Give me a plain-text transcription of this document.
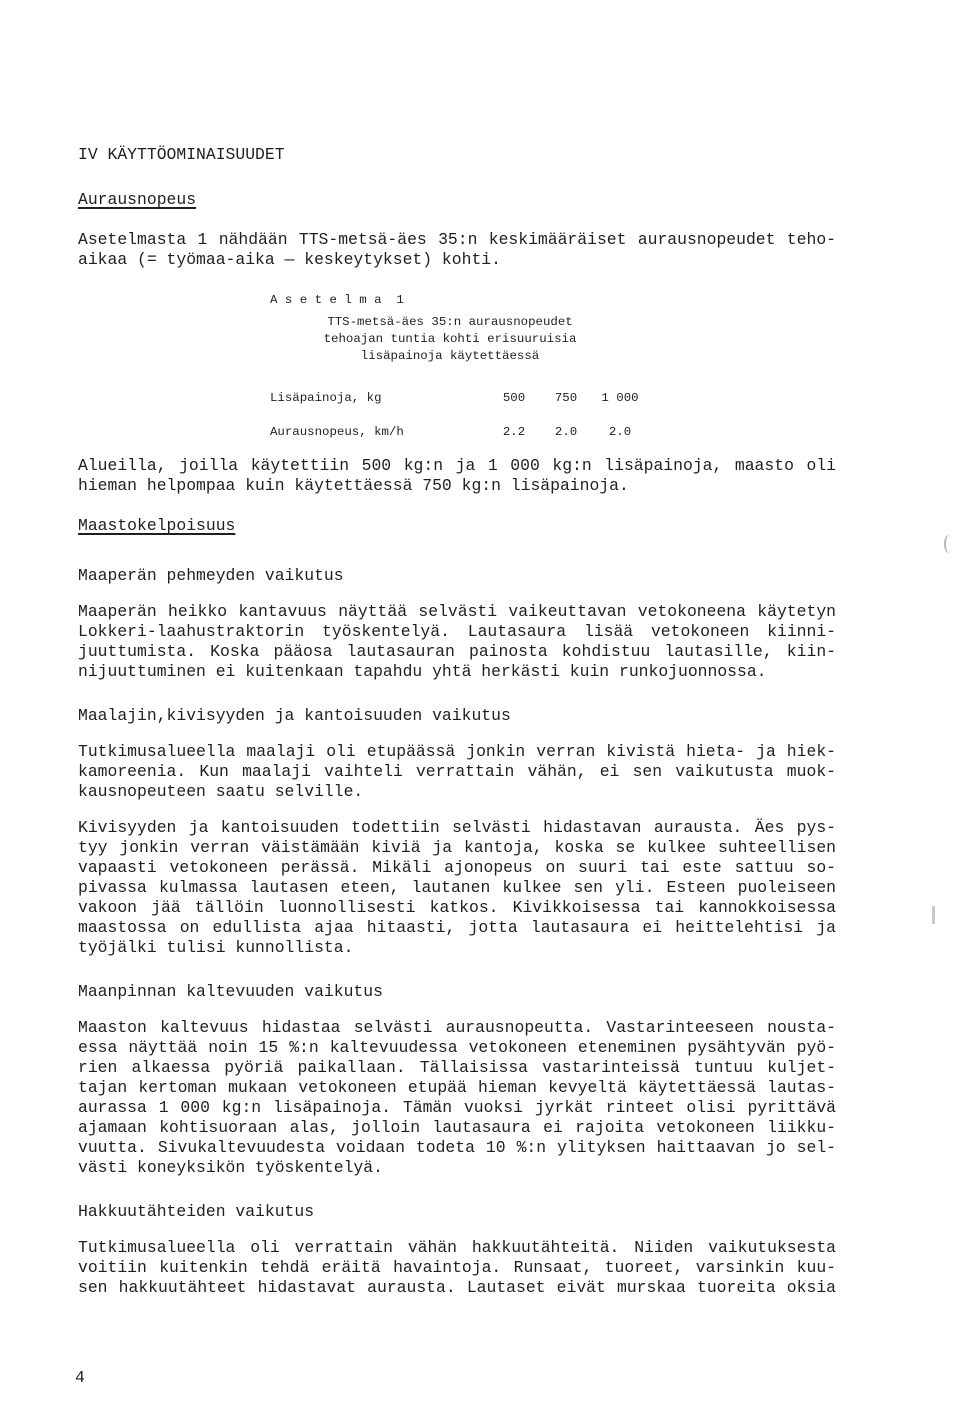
IV KÄYTTÖOMINAISUUDET
Aurausnopeus
Asetelmasta 1 nähdään TTS-metsä-äes 35:n keskimääräiset aurausnopeudet teho-
aikaa (= työmaa-aika — keskeytykset) kohti.
A s e t e l m a  1
TTS-metsä-äes 35:n aurausnopeudet
tehoajan tuntia kohti erisuuruisia
lisäpainoja käytettäessä
Lisäpainoja, kg	500	750	1 000
Aurausnopeus, km/h	2.2	2.0	2.0
Alueilla, joilla käytettiin 500 kg:n ja 1 000 kg:n lisäpainoja, maasto oli
hieman helpompaa kuin käytettäessä 750 kg:n lisäpainoja.
Maastokelpoisuus
Maaperän pehmeyden vaikutus
Maaperän heikko kantavuus näyttää selvästi vaikeuttavan vetokoneena käytetyn
Lokkeri-laahustraktorin työskentelyä. Lautasaura lisää vetokoneen kiinni-
juuttumista. Koska pääosa lautasauran painosta kohdistuu lautasille, kiin-
nijuuttuminen ei kuitenkaan tapahdu yhtä herkästi kuin runkojuonnossa.
Maalajin,kivisyyden ja kantoisuuden vaikutus
Tutkimusalueella maalaji oli etupäässä jonkin verran kivistä hieta- ja hiek-
kamoreenia. Kun maalaji vaihteli verrattain vähän, ei sen vaikutusta muok-
kausnopeuteen saatu selville.
Kivisyyden ja kantoisuuden todettiin selvästi hidastavan aurausta. Äes pys-
tyy jonkin verran väistämään kiviä ja kantoja, koska se kulkee suhteellisen
vapaasti vetokoneen perässä. Mikäli ajonopeus on suuri tai este sattuu so-
pivassa kulmassa lautasen eteen, lautanen kulkee sen yli. Esteen puoleiseen
vakoon jää tällöin luonnollisesti katkos. Kivikkoisessa tai kannokkoisessa
maastossa on edullista ajaa hitaasti, jotta lautasaura ei heittelehtisi ja
työjälki tulisi kunnollista.
Maanpinnan kaltevuuden vaikutus
Maaston kaltevuus hidastaa selvästi aurausnopeutta. Vastarinteeseen nousta-
essa näyttää noin 15 %:n kaltevuudessa vetokoneen eteneminen pysähtyvän pyö-
rien alkaessa pyöriä paikallaan. Tällaisissa vastarinteissä tuntuu kuljet-
tajan kertoman mukaan vetokoneen etupää hieman kevyeltä käytettäessä lautas-
aurassa 1 000 kg:n lisäpainoja. Tämän vuoksi jyrkät rinteet olisi pyrittävä
ajamaan kohtisuoraan alas, jolloin lautasaura ei rajoita vetokoneen liikku-
vuutta. Sivukaltevuudesta voidaan todeta 10 %:n ylityksen haittaavan jo sel-
västi koneyksikön työskentelyä.
Hakkuutähteiden vaikutus
Tutkimusalueella oli verrattain vähän hakkuutähteitä. Niiden vaikutuksesta
voitiin kuitenkin tehdä eräitä havaintoja. Runsaat, tuoreet, varsinkin kuu-
sen hakkuutähteet hidastavat aurausta. Lautaset eivät murskaa tuoreita oksia
4
